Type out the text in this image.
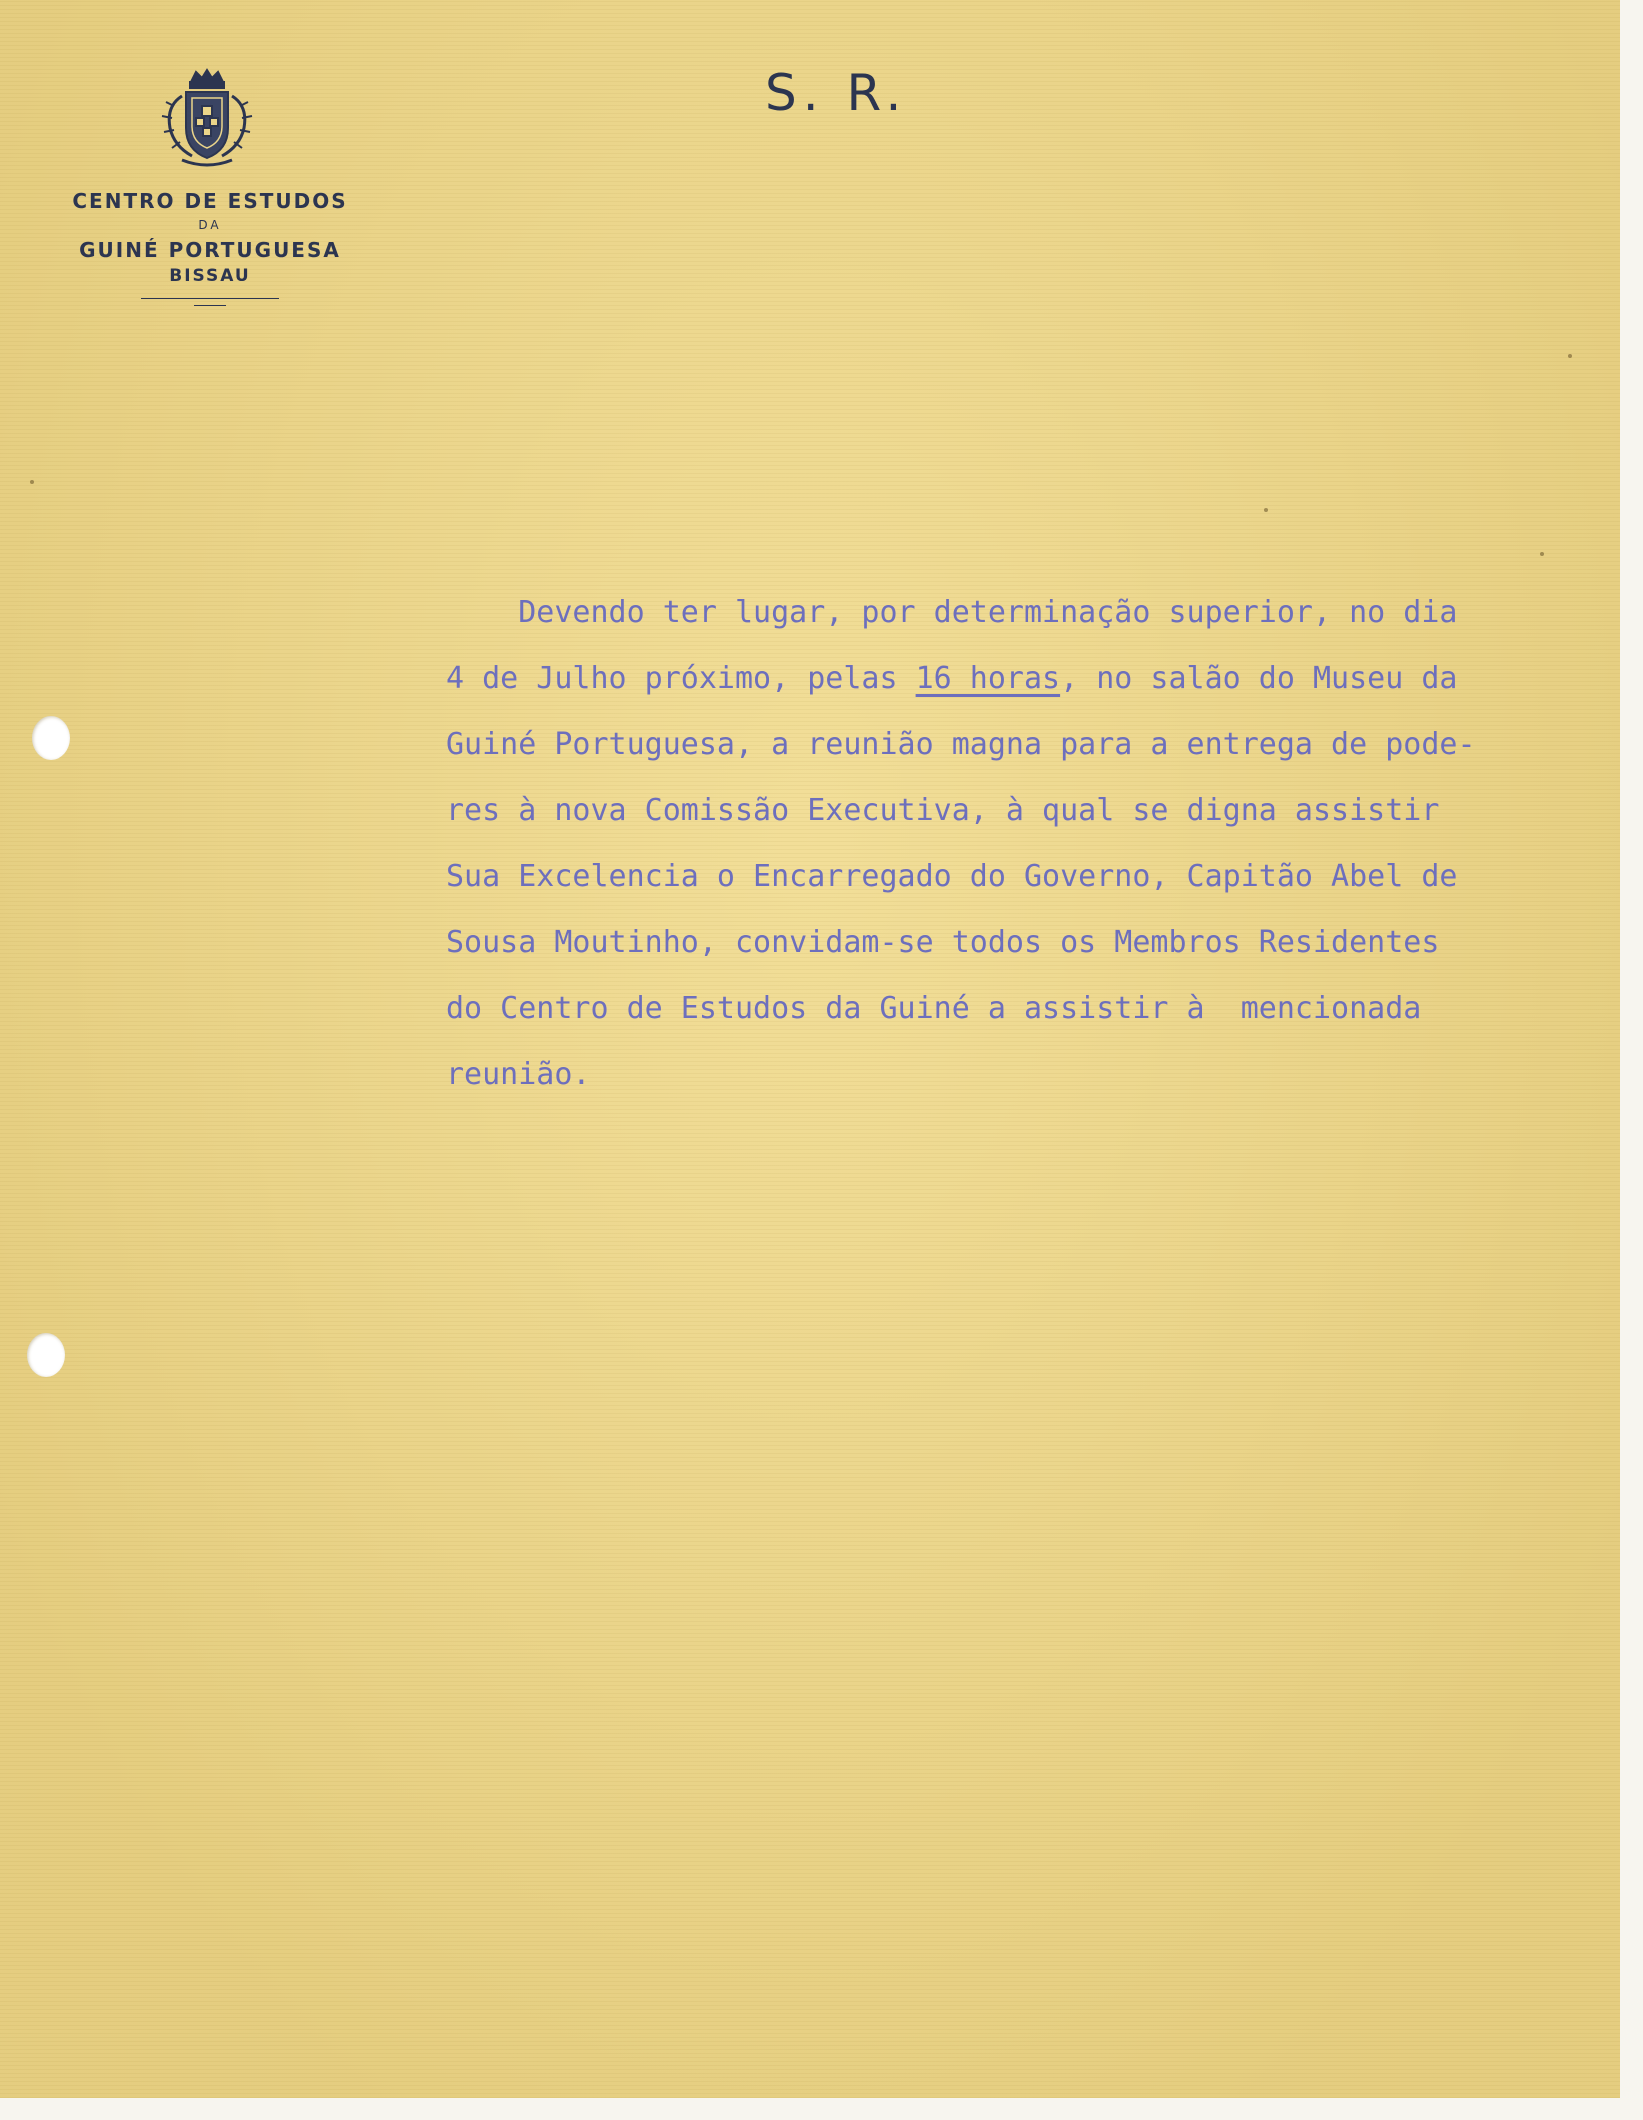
CENTRO DE ESTUDOS
DA
GUINÉ PORTUGUESA
BISSAU
S. R.
Devendo ter lugar, por determinação superior, no dia
4 de Julho próximo, pelas 16 horas, no salão do Museu da
Guiné Portuguesa, a reunião magna para a entrega de pode-
res à nova Comissão Executiva, à qual se digna assistir
Sua Excelencia o Encarregado do Governo, Capitão Abel de
Sousa Moutinho, convidam-se todos os Membros Residentes
do Centro de Estudos da Guiné a assistir à  mencionada
reunião.
